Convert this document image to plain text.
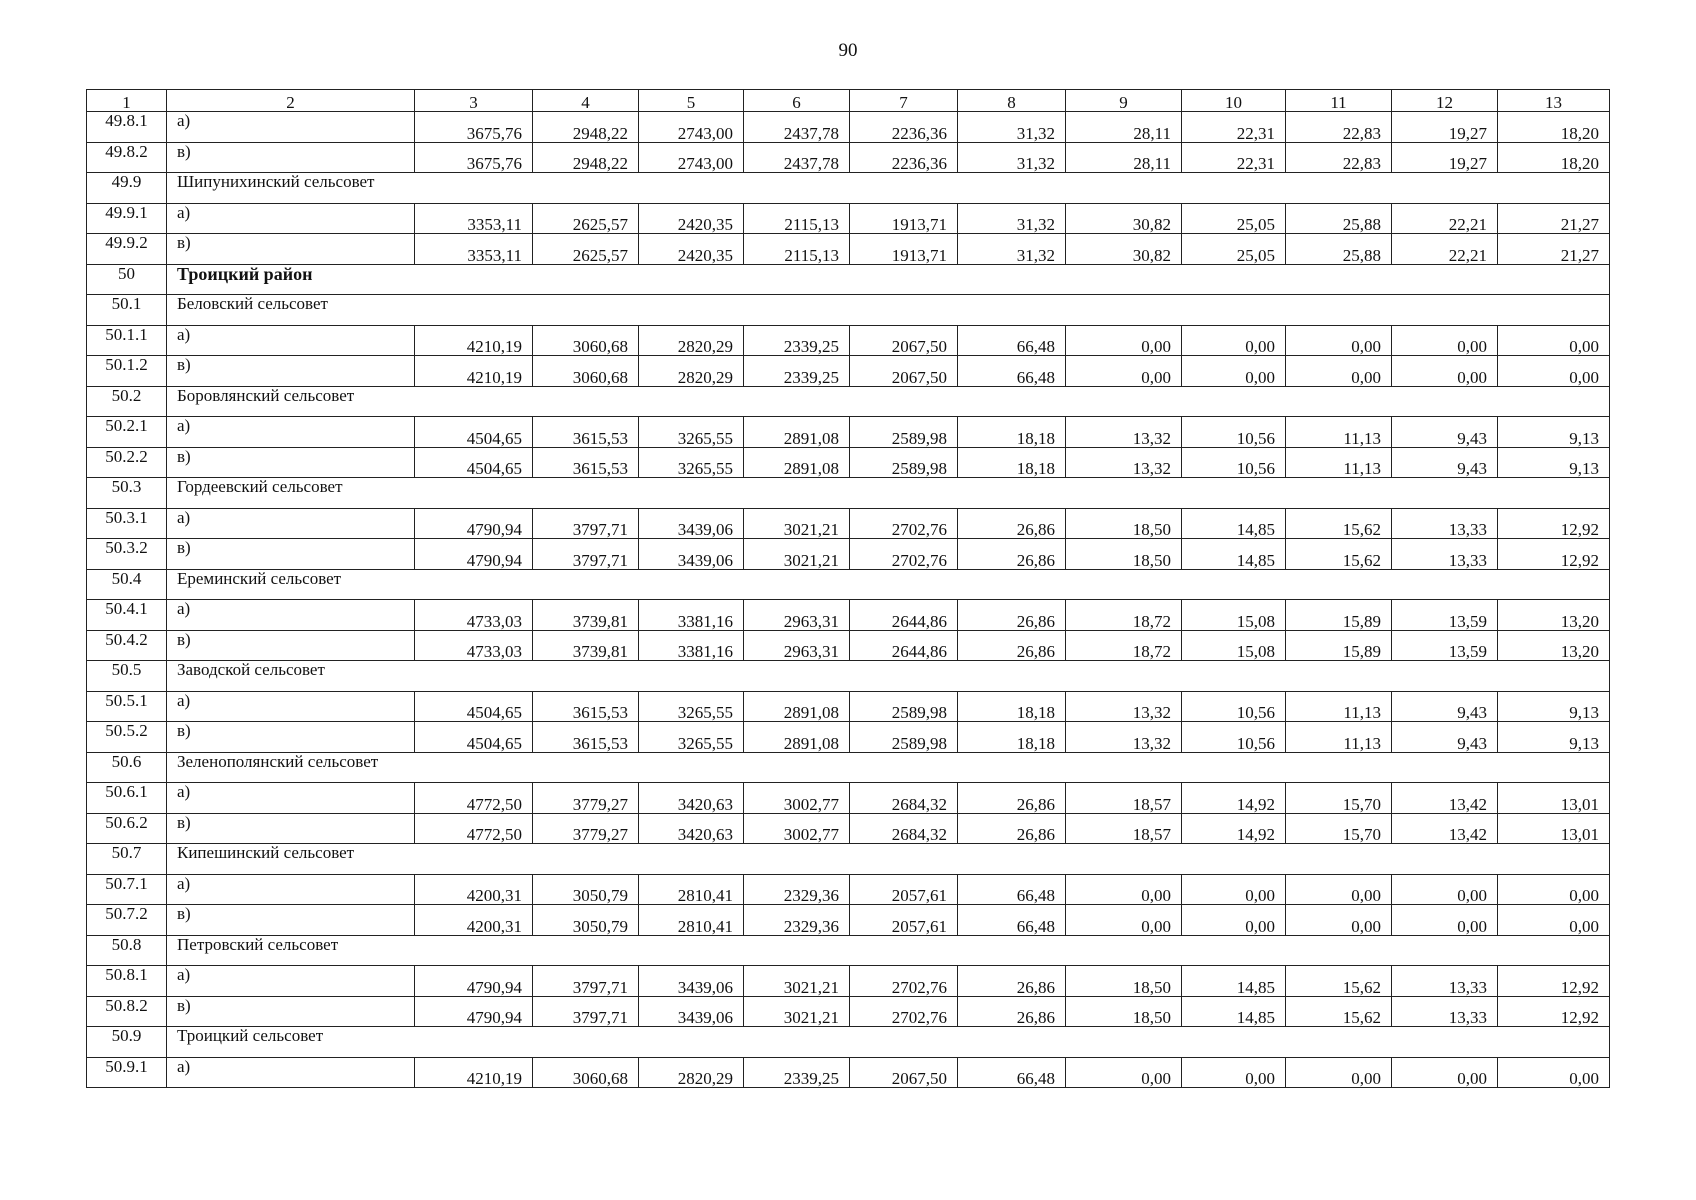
90
1	2	3	4	5	6	7	8	9	10	11	12	13
49.8.1	а)	3675,76	2948,22	2743,00	2437,78	2236,36	31,32	28,11	22,31	22,83	19,27	18,20
49.8.2	в)	3675,76	2948,22	2743,00	2437,78	2236,36	31,32	28,11	22,31	22,83	19,27	18,20
49.9	Шипунихинский сельсовет											
49.9.1	а)	3353,11	2625,57	2420,35	2115,13	1913,71	31,32	30,82	25,05	25,88	22,21	21,27
49.9.2	в)	3353,11	2625,57	2420,35	2115,13	1913,71	31,32	30,82	25,05	25,88	22,21	21,27
50	Троицкий район											
50.1	Беловский сельсовет											
50.1.1	а)	4210,19	3060,68	2820,29	2339,25	2067,50	66,48	0,00	0,00	0,00	0,00	0,00
50.1.2	в)	4210,19	3060,68	2820,29	2339,25	2067,50	66,48	0,00	0,00	0,00	0,00	0,00
50.2	Боровлянский сельсовет											
50.2.1	а)	4504,65	3615,53	3265,55	2891,08	2589,98	18,18	13,32	10,56	11,13	9,43	9,13
50.2.2	в)	4504,65	3615,53	3265,55	2891,08	2589,98	18,18	13,32	10,56	11,13	9,43	9,13
50.3	Гордеевский сельсовет											
50.3.1	а)	4790,94	3797,71	3439,06	3021,21	2702,76	26,86	18,50	14,85	15,62	13,33	12,92
50.3.2	в)	4790,94	3797,71	3439,06	3021,21	2702,76	26,86	18,50	14,85	15,62	13,33	12,92
50.4	Ереминский сельсовет											
50.4.1	а)	4733,03	3739,81	3381,16	2963,31	2644,86	26,86	18,72	15,08	15,89	13,59	13,20
50.4.2	в)	4733,03	3739,81	3381,16	2963,31	2644,86	26,86	18,72	15,08	15,89	13,59	13,20
50.5	Заводской сельсовет											
50.5.1	а)	4504,65	3615,53	3265,55	2891,08	2589,98	18,18	13,32	10,56	11,13	9,43	9,13
50.5.2	в)	4504,65	3615,53	3265,55	2891,08	2589,98	18,18	13,32	10,56	11,13	9,43	9,13
50.6	Зеленополянский сельсовет											
50.6.1	а)	4772,50	3779,27	3420,63	3002,77	2684,32	26,86	18,57	14,92	15,70	13,42	13,01
50.6.2	в)	4772,50	3779,27	3420,63	3002,77	2684,32	26,86	18,57	14,92	15,70	13,42	13,01
50.7	Кипешинский сельсовет											
50.7.1	а)	4200,31	3050,79	2810,41	2329,36	2057,61	66,48	0,00	0,00	0,00	0,00	0,00
50.7.2	в)	4200,31	3050,79	2810,41	2329,36	2057,61	66,48	0,00	0,00	0,00	0,00	0,00
50.8	Петровский сельсовет											
50.8.1	а)	4790,94	3797,71	3439,06	3021,21	2702,76	26,86	18,50	14,85	15,62	13,33	12,92
50.8.2	в)	4790,94	3797,71	3439,06	3021,21	2702,76	26,86	18,50	14,85	15,62	13,33	12,92
50.9	Троицкий сельсовет											
50.9.1	а)	4210,19	3060,68	2820,29	2339,25	2067,50	66,48	0,00	0,00	0,00	0,00	0,00
